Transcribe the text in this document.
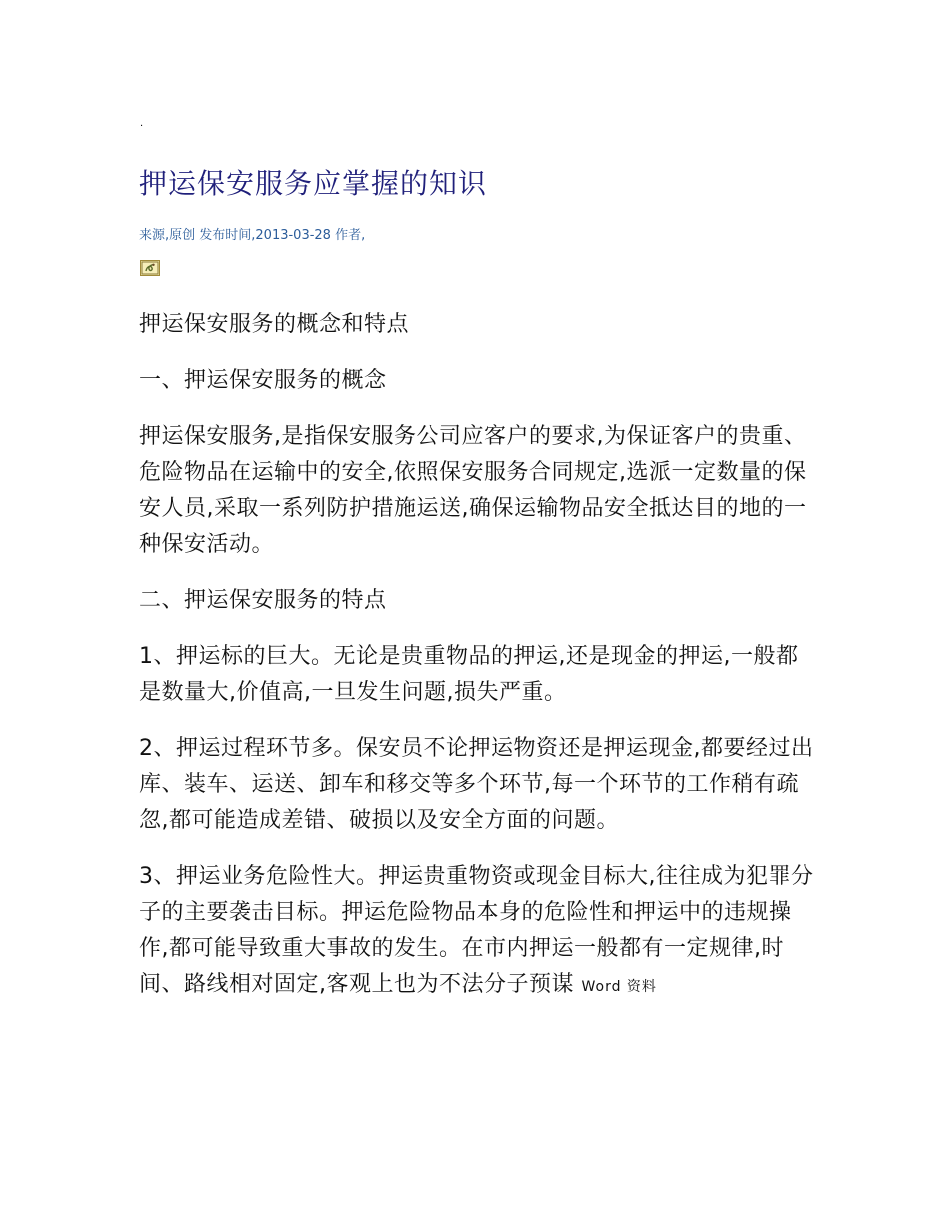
.
押运保安服务应掌握的知识
来源,原创 发布时间,2013-03-28 作者,

押运保安服务的概念和特点

一、押运保安服务的概念

押运保安服务,是指保安服务公司应客户的要求,为保证客户的贵重、危险物品在运输中的安全,依照保安服务合同规定,选派一定数量的保安人员,采取一系列防护措施运送,确保运输物品安全抵达目的地的一种保安活动。

二、押运保安服务的特点

1、押运标的巨大。无论是贵重物品的押运,还是现金的押运,一般都是数量大,价值高,一旦发生问题,损失严重。

2、押运过程环节多。保安员不论押运物资还是押运现金,都要经过出库、装车、运送、卸车和移交等多个环节,每一个环节的工作稍有疏忽,都可能造成差错、破损以及安全方面的问题。

3、押运业务危险性大。押运贵重物资或现金目标大,往往成为犯罪分子的主要袭击目标。押运危险物品本身的危险性和押运中的违规操作,都可能导致重大事故的发生。在市内押运一般都有一定规律,时间、路线相对固定,客观上也为不法分子预谋 Word 资料
